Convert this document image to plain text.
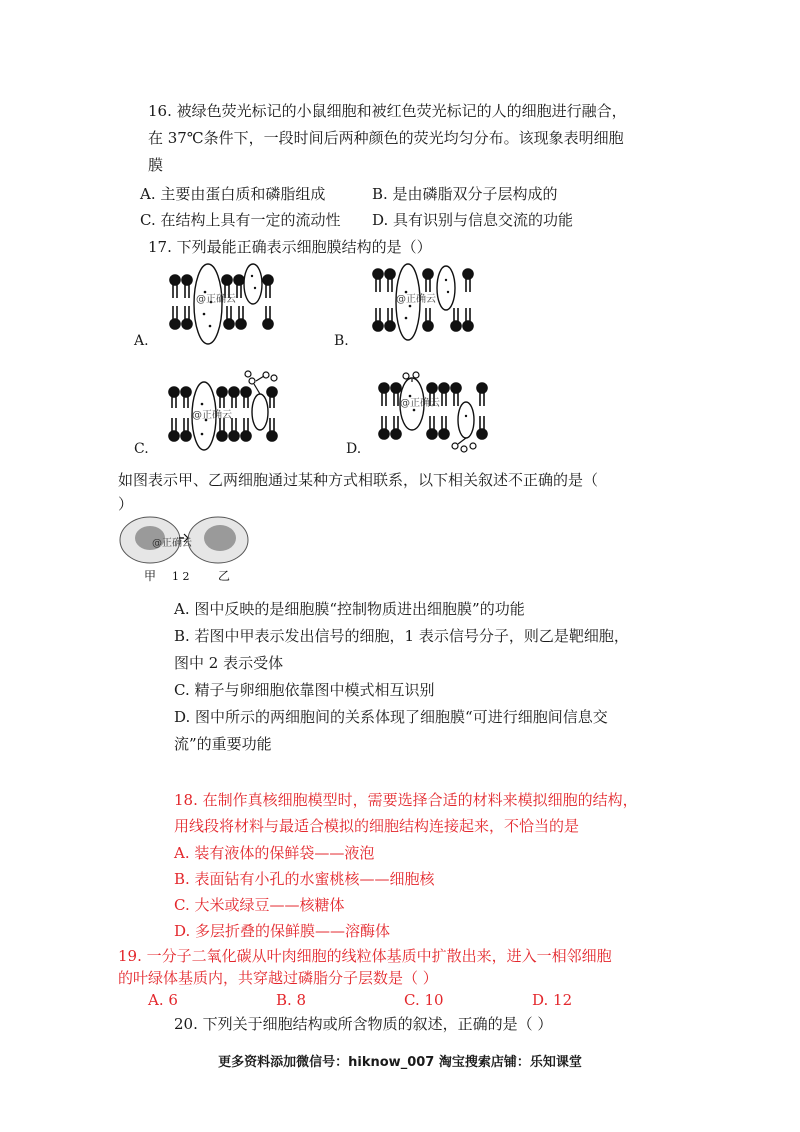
16. 被绿色荧光标记的小鼠细胞和被红色荧光标记的人的细胞进行融合，
在 37℃条件下，一段时间后两种颜色的荧光均匀分布。该现象表明细胞
膜
A. 主要由蛋白质和磷脂组成	B. 是由磷脂双分子层构成的
C. 在结构上具有一定的流动性 D. 具有识别与信息交流的功能
17. 下列最能正确表示细胞膜结构的是（）
@正确云
A.
@正确云
B.
@正确云
C.
@正确云
D.
如图表示甲、乙两细胞通过某种方式相联系，以下相关叙述不正确的是（
）
@正确云
甲 1 2 乙
A. 图中反映的是细胞膜“控制物质进出细胞膜”的功能
B. 若图中甲表示发出信号的细胞，1 表示信号分子，则乙是靶细胞，
图中 2 表示受体
C. 精子与卵细胞依靠图中模式相互识别
D. 图中所示的两细胞间的关系体现了细胞膜“可进行细胞间信息交
流”的重要功能
18. 在制作真核细胞模型时，需要选择合适的材料来模拟细胞的结构，
用线段将材料与最适合模拟的细胞结构连接起来，不恰当的是
A. 装有液体的保鲜袋——液泡
B. 表面钻有小孔的水蜜桃核——细胞核
C. 大米或绿豆——核糖体
D. 多层折叠的保鲜膜——溶酶体
19. 一分子二氧化碳从叶肉细胞的线粒体基质中扩散出来，进入一相邻细胞
的叶绿体基质内，共穿越过磷脂分子层数是（ ）
A. 6	B. 8	C. 10	D. 12
20. 下列关于细胞结构或所含物质的叙述，正确的是（ ）
更多资料添加微信号：hiknow_007 淘宝搜索店铺：乐知课堂
